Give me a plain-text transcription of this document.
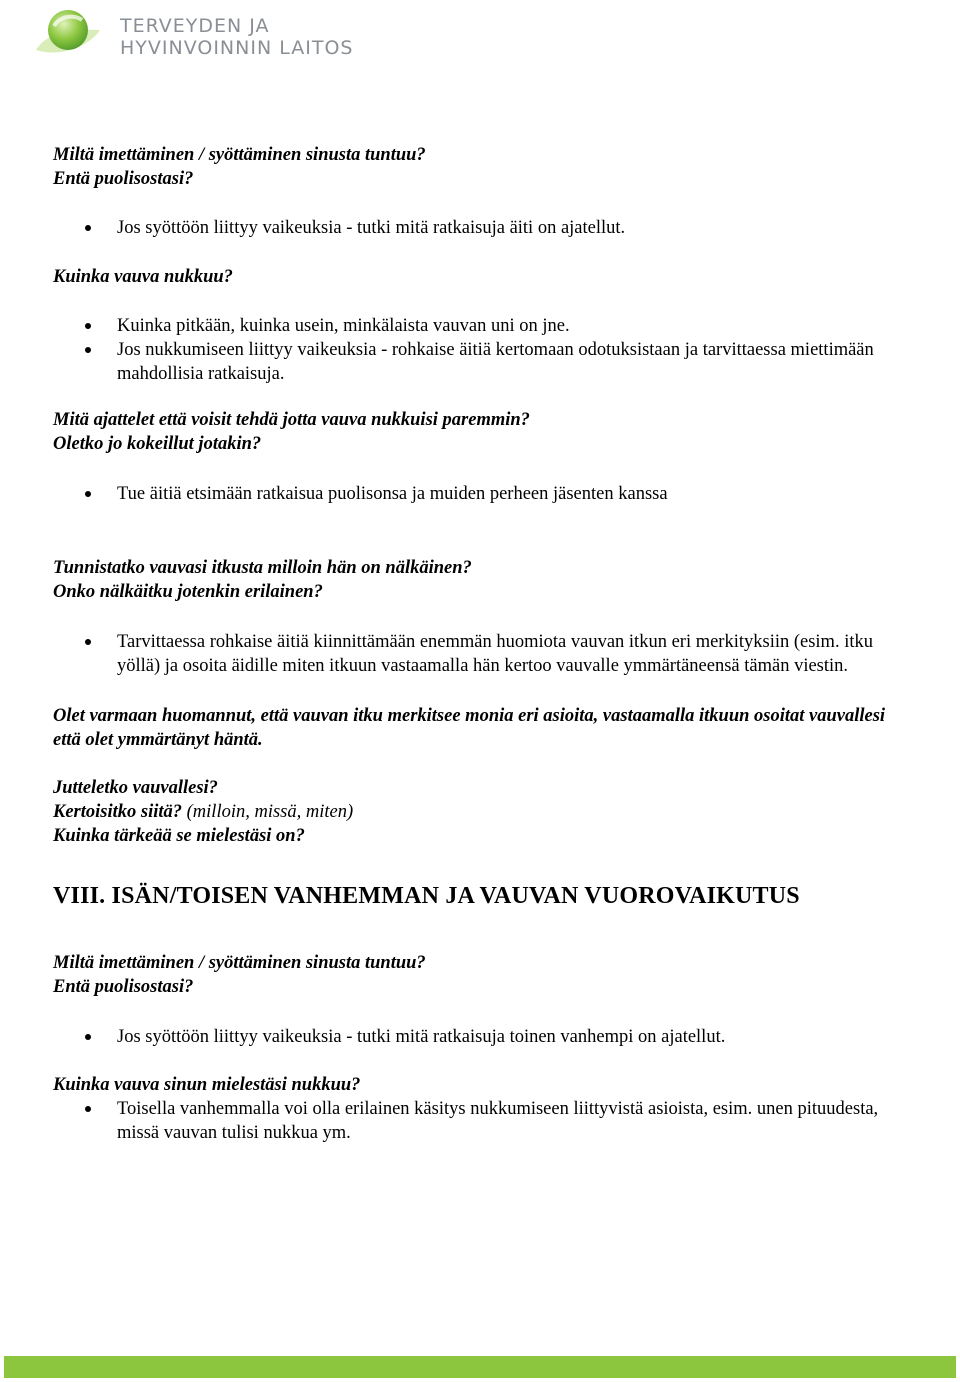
TERVEYDEN JA
HYVINVOINNIN LAITOS

Miltä imettäminen / syöttäminen sinusta tuntuu?

Entä puolisostasi?

Jos syöttöön liittyy vaikeuksia - tutki mitä ratkaisuja äiti on ajatellut.

Kuinka vauva nukkuu?

Kuinka pitkään, kuinka usein, minkälaista vauvan uni on jne.
Jos nukkumiseen liittyy vaikeuksia - rohkaise äitiä kertomaan odotuksistaan ja tarvittaessa miettimään mahdollisia ratkaisuja.

Mitä ajattelet että voisit tehdä jotta vauva nukkuisi paremmin?

Oletko jo kokeillut jotakin?

Tue äitiä etsimään ratkaisua puolisonsa ja muiden perheen jäsenten kanssa

Tunnistatko vauvasi itkusta milloin hän on nälkäinen?

Onko nälkäitku jotenkin erilainen?

Tarvittaessa rohkaise äitiä kiinnittämään enemmän huomiota vauvan itkun eri merkityksiin (esim. itku yöllä) ja osoita äidille miten itkuun vastaamalla hän kertoo vauvalle ymmärtäneensä tämän viestin.

Olet varmaan huomannut, että vauvan itku merkitsee monia eri asioita, vastaamalla itkuun osoitat vauvallesi että olet ymmärtänyt häntä.

Jutteletko vauvallesi?

Kertoisitko siitä? (milloin, missä, miten)

Kuinka tärkeää se mielestäsi on?

VIII. ISÄN/TOISEN VANHEMMAN JA VAUVAN VUOROVAIKUTUS

Miltä imettäminen / syöttäminen sinusta tuntuu?

Entä puolisostasi?

Jos syöttöön liittyy vaikeuksia - tutki mitä ratkaisuja toinen vanhempi on ajatellut.

Kuinka vauva sinun mielestäsi nukkuu?

Toisella vanhemmalla voi olla erilainen käsitys nukkumiseen liittyvistä asioista, esim. unen pituudesta, missä vauvan tulisi nukkua ym.
